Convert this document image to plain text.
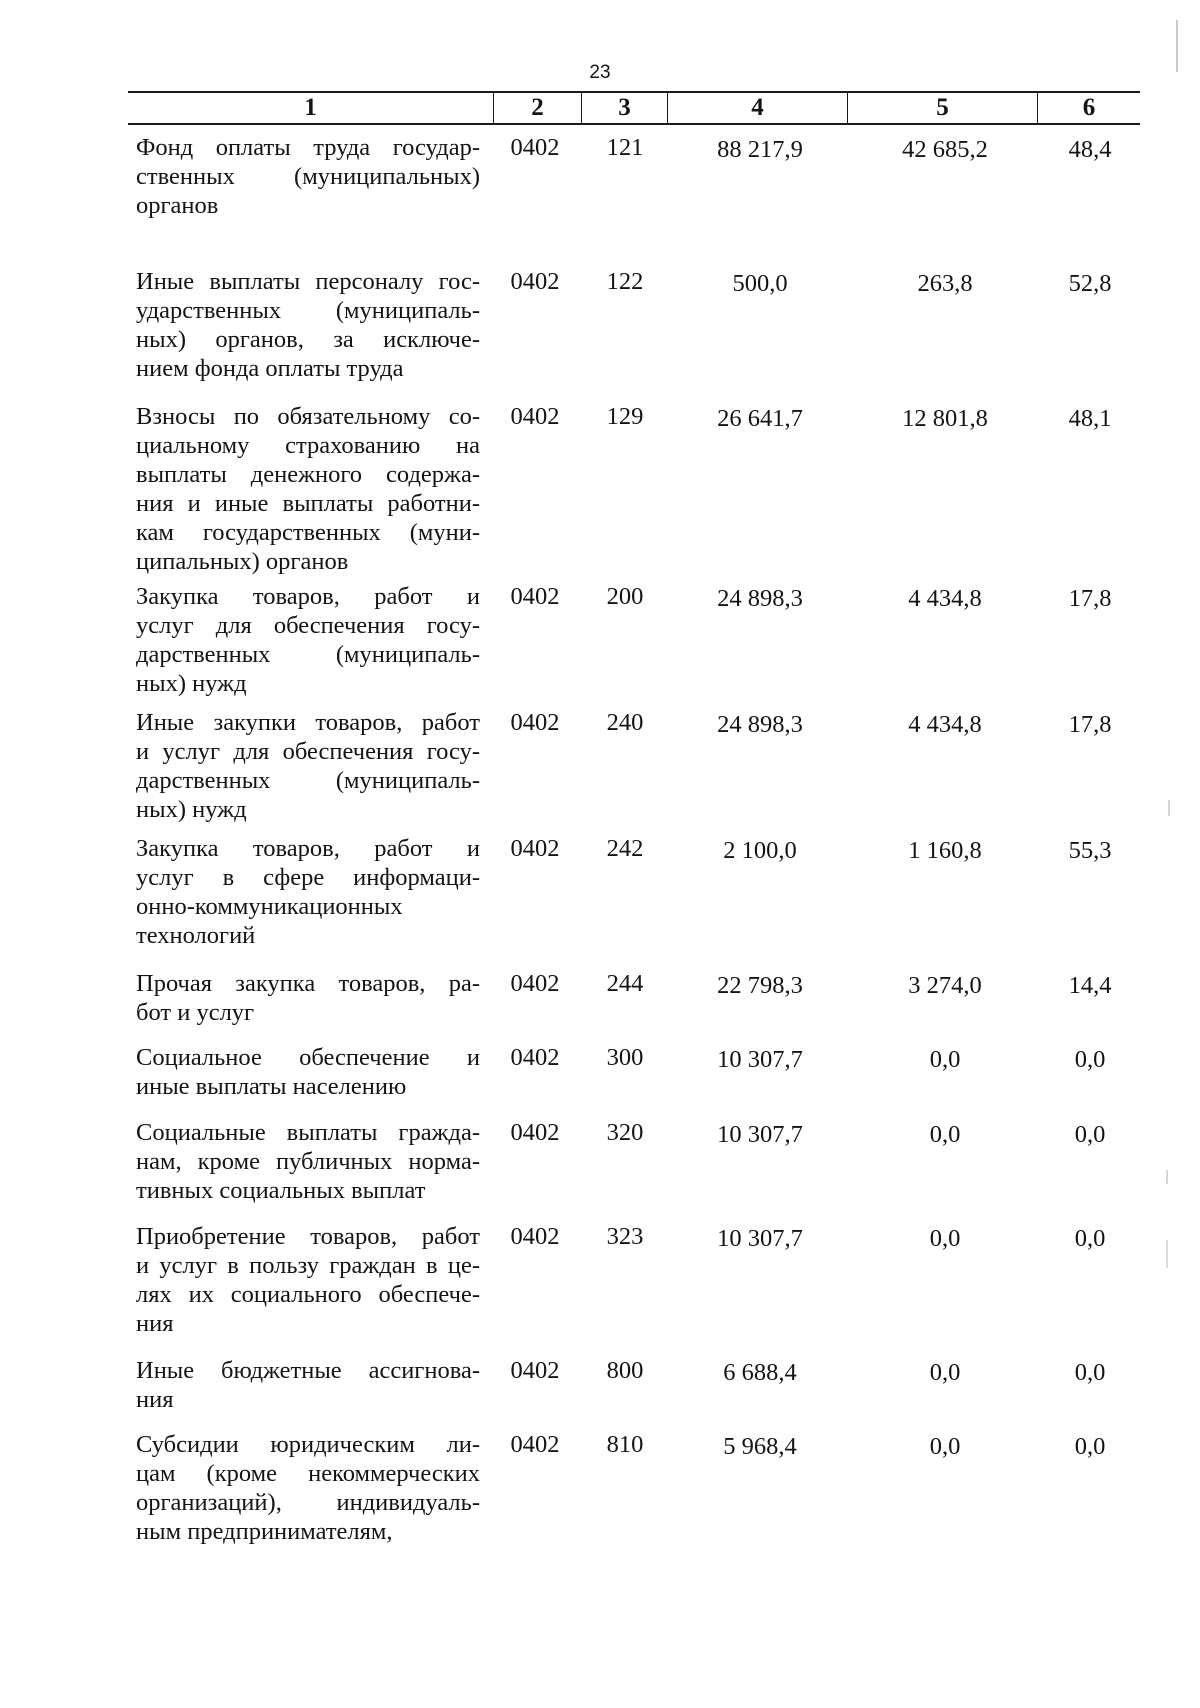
23
1	2	3	4	5	6
Фонд оплаты труда государ-
ственных (муниципальных)
органов
0402	121	88 217,9	42 685,2	48,4
Иные выплаты персоналу гос-
ударственных (муниципаль-
ных) органов, за исключе-
нием фонда оплаты труда
0402	122	500,0	263,8	52,8
Взносы по обязательному со-
циальному страхованию на
выплаты денежного содержа-
ния и иные выплаты работни-
кам государственных (муни-
ципальных) органов
0402	129	26 641,7	12 801,8	48,1
Закупка товаров, работ и
услуг для обеспечения госу-
дарственных (муниципаль-
ных) нужд
0402	200	24 898,3	4 434,8	17,8
Иные закупки товаров, работ
и услуг для обеспечения госу-
дарственных (муниципаль-
ных) нужд
0402	240	24 898,3	4 434,8	17,8
Закупка товаров, работ и
услуг в сфере информаци-
онно-коммуникационных
технологий
0402	242	2 100,0	1 160,8	55,3
Прочая закупка товаров, ра-
бот и услуг
0402	244	22 798,3	3 274,0	14,4
Социальное обеспечение и
иные выплаты населению
0402	300	10 307,7	0,0	0,0
Социальные выплаты гражда-
нам, кроме публичных норма-
тивных социальных выплат
0402	320	10 307,7	0,0	0,0
Приобретение товаров, работ
и услуг в пользу граждан в це-
лях их социального обеспече-
ния
0402	323	10 307,7	0,0	0,0
Иные бюджетные ассигнова-
ния
0402	800	6 688,4	0,0	0,0
Субсидии юридическим ли-
цам (кроме некоммерческих
организаций), индивидуаль-
ным предпринимателям,
0402	810	5 968,4	0,0	0,0
